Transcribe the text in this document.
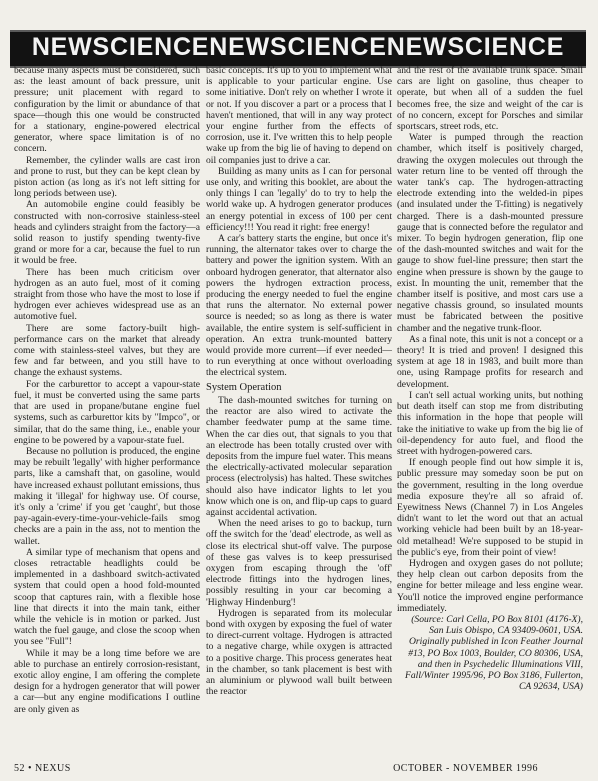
NEWSCIENCENEWSCIENCENEWSCIENCE

because many aspects must be considered, such as: the least amount of back pressure, unit pressure; unit placement with regard to configuration by the limit or abundance of that space—though this one would be constructed for a stationary, engine-powered electrical generator, where space limitation is of no concern.

Remember, the cylinder walls are cast iron and prone to rust, but they can be kept clean by piston action (as long as it's not left sitting for long periods between use).

An automobile engine could feasibly be constructed with non-corrosive stainless-steel heads and cylinders straight from the factory—a solid reason to justify spending twenty-five grand or more for a car, because the fuel to run it would be free.

There has been much criticism over hydrogen as an auto fuel, most of it coming straight from those who have the most to lose if hydrogen ever achieves widespread use as an automotive fuel.

There are some factory-built high-performance cars on the market that already come with stainless-steel valves, but they are few and far between, and you still have to change the exhaust systems.

For the carburettor to accept a vapour-state fuel, it must be converted using the same parts that are used in propane/butane engine fuel systems, such as carburettor kits by "Impco", or similar, that do the same thing, i.e., enable your engine to be powered by a vapour-state fuel.

Because no pollution is produced, the engine may be rebuilt 'legally' with higher performance parts, like a camshaft that, on gasoline, would have increased exhaust pollutant emissions, thus making it 'illegal' for highway use. Of course, it's only a 'crime' if you get 'caught', but those pay-again-every-time-your-vehicle-fails smog checks are a pain in the ass, not to mention the wallet.

A similar type of mechanism that opens and closes retractable headlights could be implemented in a dashboard switch-activated system that could open a hood fold-mounted scoop that captures rain, with a flexible hose line that directs it into the main tank, either while the vehicle is in motion or parked. Just watch the fuel gauge, and close the scoop when you see "Full"!

While it may be a long time before we are able to purchase an entirely corrosion-resistant, exotic alloy engine, I am offering the complete design for a hydrogen generator that will power a car—but any engine modifications I outline are only given as

basic concepts. It's up to you to implement what is applicable to your particular engine. Use some initiative. Don't rely on whether I wrote it or not. If you discover a part or a process that I haven't mentioned, that will in any way protect your engine further from the effects of corrosion, use it. I've written this to help people wake up from the big lie of having to depend on oil companies just to drive a car.

Building as many units as I can for personal use only, and writing this booklet, are about the only things I can 'legally' do to try to help the world wake up. A hydrogen generator produces an energy potential in excess of 100 per cent efficiency!!! You read it right: free energy!

A car's battery starts the engine, but once it's running, the alternator takes over to charge the battery and power the ignition system. With an onboard hydrogen generator, that alternator also powers the hydrogen extraction process, producing the energy needed to fuel the engine that runs the alternator. No external power source is needed; so as long as there is water available, the entire system is self-sufficient in operation. An extra trunk-mounted battery would provide more current—if ever needed—to run everything at once without overloading the electrical system.

System Operation

The dash-mounted switches for turning on the reactor are also wired to activate the chamber feedwater pump at the same time. When the car dies out, that signals to you that an electrode has been totally crusted over with deposits from the impure fuel water. This means the electrically-activated molecular separation process (electrolysis) has halted. These switches should also have indicator lights to let you know which one is on, and flip-up caps to guard against accidental activation.

When the need arises to go to backup, turn off the switch for the 'dead' electrode, as well as close its electrical shut-off valve. The purpose of these gas valves is to keep pressurised oxygen from escaping through the 'off' electrode fittings into the hydrogen lines, possibly resulting in your car becoming a 'Highway Hindenburg'!

Hydrogen is separated from its molecular bond with oxygen by exposing the fuel of water to direct-current voltage. Hydrogen is attracted to a negative charge, while oxygen is attracted to a positive charge. This process generates heat in the chamber, so tank placement is best with an aluminium or plywood wall built between the reactor

and the rest of the available trunk space. Small cars are light on gasoline, thus cheaper to operate, but when all of a sudden the fuel becomes free, the size and weight of the car is of no concern, except for Porsches and similar sportscars, street rods, etc.

Water is pumped through the reaction chamber, which itself is positively charged, drawing the oxygen molecules out through the water return line to be vented off through the water tank's cap. The hydrogen-attracting electrode extending into the welded-in pipes (and insulated under the T-fitting) is negatively charged. There is a dash-mounted pressure gauge that is connected before the regulator and mixer. To begin hydrogen generation, flip one of the dash-mounted switches and wait for the gauge to show fuel-line pressure; then start the engine when pressure is shown by the gauge to exist. In mounting the unit, remember that the chamber itself is positive, and most cars use a negative chassis ground, so insulated mounts must be fabricated between the positive chamber and the negative trunk-floor.

As a final note, this unit is not a concept or a theory! It is tried and proven! I designed this system at age 18 in 1983, and built more than one, using Rampage profits for research and development.

I can't sell actual working units, but nothing but death itself can stop me from distributing this information in the hope that people will take the initiative to wake up from the big lie of oil-dependency for auto fuel, and flood the street with hydrogen-powered cars.

If enough people find out how simple it is, public pressure may someday soon be put on the government, resulting in the long overdue media exposure they're all so afraid of. Eyewitness News (Channel 7) in Los Angeles didn't want to let the word out that an actual working vehicle had been built by an 18-year-old metalhead! We're supposed to be stupid in the public's eye, from their point of view!

Hydrogen and oxygen gases do not pollute; they help clean out carbon deposits from the engine for better mileage and less engine wear. You'll notice the improved engine performance immediately.

(Source: Carl Cella, PO Box 8101 (4176-X), San Luis Obispo, CA 93409-0601, USA.

Originally published in Icon Feather Journal #13, PO Box 1003, Boulder, CO 80306, USA, and then in Psychedelic Illuminations VIII, Fall/Winter 1995/96, PO Box 3186, Fullerton, CA 92634, USA)

52 • NEXUS	OCTOBER - NOVEMBER 1996
